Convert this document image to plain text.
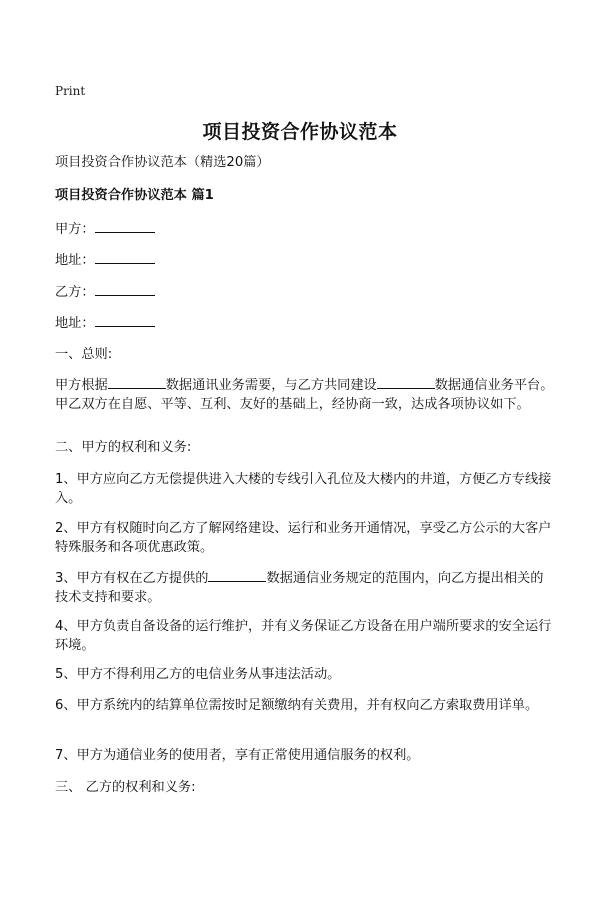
Print
项目投资合作协议范本
项目投资合作协议范本（精选20篇）
项目投资合作协议范本 篇1
甲方：
地址：
乙方：
地址：
一、总则:
甲方根据	数据通讯业务需要，与乙方共同建设	数据通信业务平台。甲乙双方在自愿、平等、互利、友好的基础上，经协商一致，达成各项协议如下。
二、甲方的权利和义务:
1、甲方应向乙方无偿提供进入大楼的专线引入孔位及大楼内的井道，方便乙方专线接入。
2、甲方有权随时向乙方了解网络建设、运行和业务开通情况，享受乙方公示的大客户特殊服务和各项优惠政策。
3、甲方有权在乙方提供的	数据通信业务规定的范围内，向乙方提出相关的技术支持和要求。
4、甲方负责自备设备的运行维护，并有义务保证乙方设备在用户端所要求的安全运行环境。
5、甲方不得利用乙方的电信业务从事违法活动。
6、甲方系统内的结算单位需按时足额缴纳有关费用，并有权向乙方索取费用详单。
7、甲方为通信业务的使用者，享有正常使用通信服务的权利。
三、 乙方的权利和义务:
